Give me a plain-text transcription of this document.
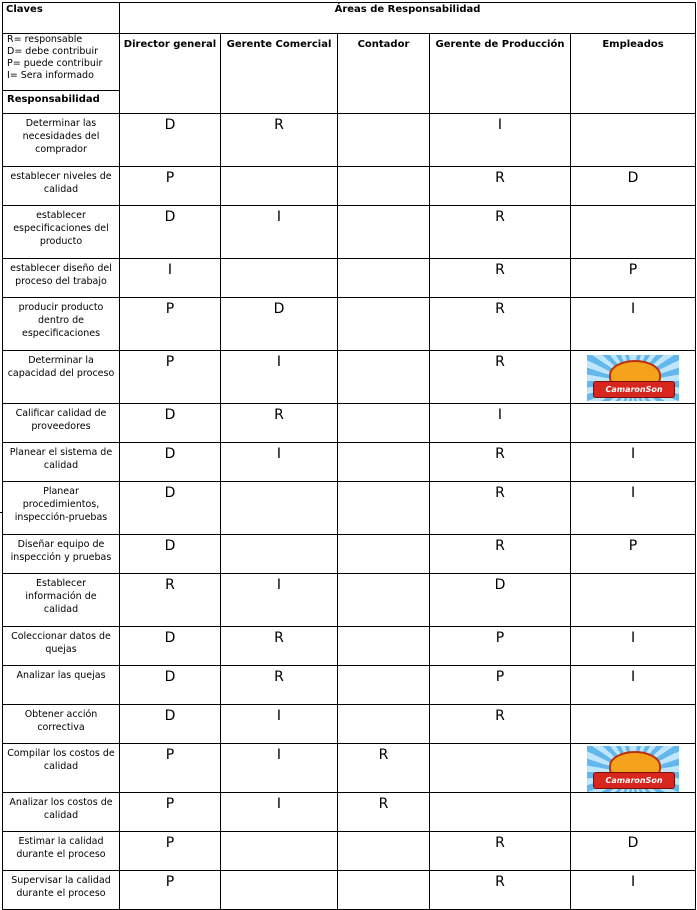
Claves	Áreas de Responsabilidad				

R= responsable
D= debe contribuir
P= puede contribuir
I= Sera informado
Responsabilidad	Director general	Gerente Comercial	Contador	Gerente de Producción	Empleados
Determinar las necesidades del comprador	D	R		I	
establecer niveles de calidad	P			R	D
establecer especificaciones del producto	D	I		R	
establecer diseño del proceso del trabajo	I			R	P
producir producto dentro de especificaciones	P	D		R	I
Determinar la capacidad del proceso	P	I		R	CamaronSon

Calificar calidad de proveedores	D	R		I	
Planear el sistema de calidad	D	I		R	I
Planear procedimientos, inspección-pruebas	D			R	I
Diseñar equipo de inspección y pruebas	D			R	P
Establecer información de calidad	R	I		D	
Coleccionar datos de quejas	D	R		P	I
Analizar las quejas	D	R		P	I
Obtener acción correctiva	D	I		R	
Compilar los costos de calidad	P	I	R		CamaronSon

Analizar los costos de calidad	P	I	R		
Estimar la calidad durante el proceso	P			R	D
Supervisar la calidad durante el proceso	P			R	I
